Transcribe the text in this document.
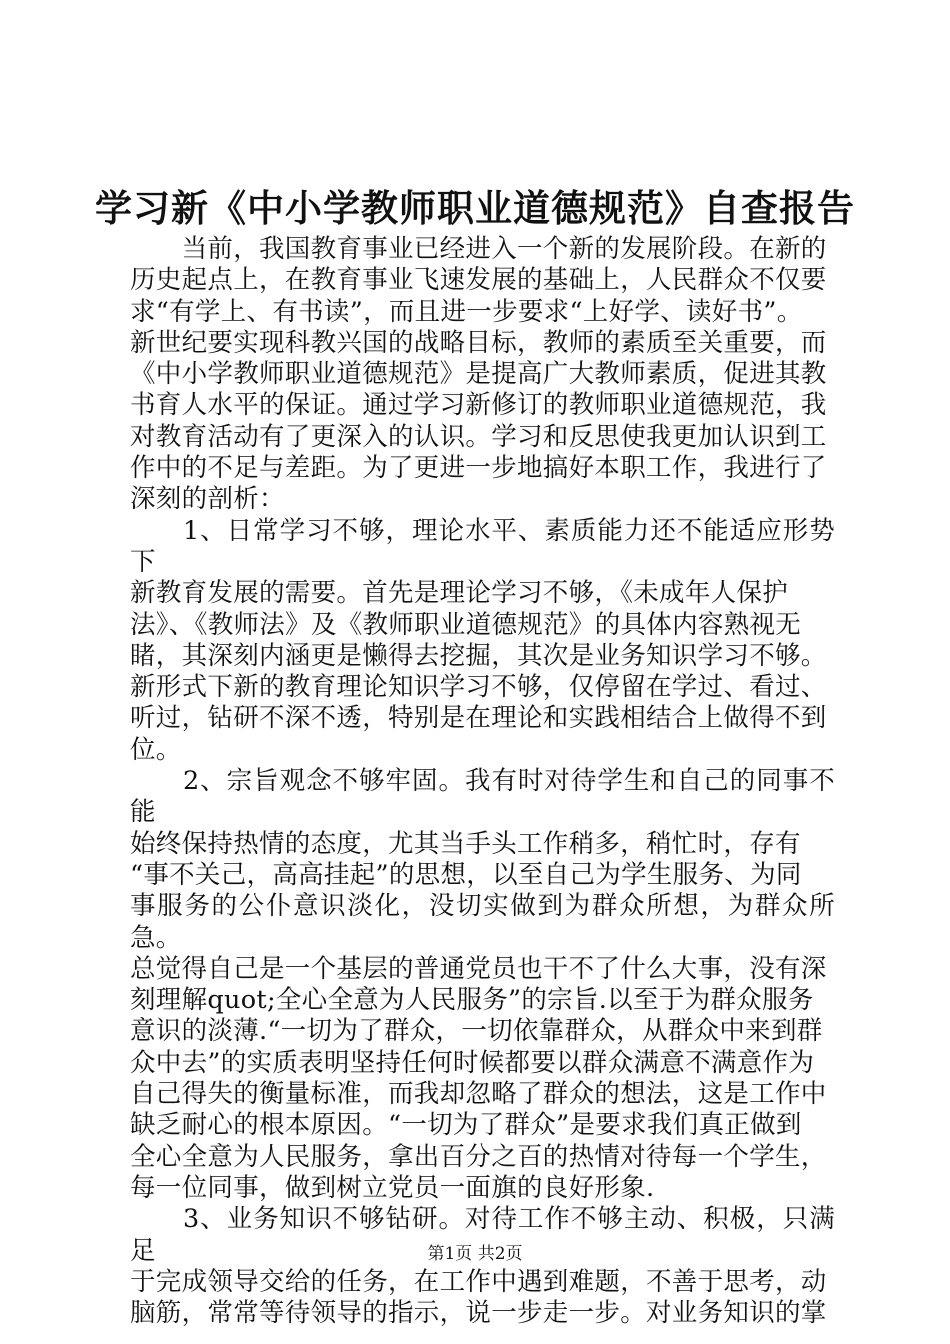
学习新《中小学教师职业道德规范》自查报告

　　当前，我国教育事业已经进入一个新的发展阶段。在新的

历史起点上，在教育事业飞速发展的基础上，人民群众不仅要

求“有学上、有书读”，而且进一步要求“上好学、读好书”。

新世纪要实现科教兴国的战略目标，教师的素质至关重要，而

《中小学教师职业道德规范》是提高广大教师素质，促进其教

书育人水平的保证。通过学习新修订的教师职业道德规范，我

对教育活动有了更深入的认识。学习和反思使我更加认识到工

作中的不足与差距。为了更进一步地搞好本职工作，我进行了

深刻的剖析：

　　1、日常学习不够，理论水平、素质能力还不能适应形势下

新教育发展的需要。首先是理论学习不够，《未成年人保护

法》、《教师法》及《教师职业道德规范》的具体内容熟视无

睹，其深刻内涵更是懒得去挖掘，其次是业务知识学习不够。

新形式下新的教育理论知识学习不够，仅停留在学过、看过、

听过，钻研不深不透，特别是在理论和实践相结合上做得不到

位。

　　2、宗旨观念不够牢固。我有时对待学生和自己的同事不能

始终保持热情的态度，尤其当手头工作稍多，稍忙时，存有

“事不关己，高高挂起”的思想，以至自己为学生服务、为同

事服务的公仆意识淡化，没切实做到为群众所想，为群众所急。

总觉得自己是一个基层的普通党员也干不了什么大事，没有深

刻理解quot;全心全意为人民服务”的宗旨.以至于为群众服务

意识的淡薄.“一切为了群众，一切依靠群众，从群众中来到群

众中去”的实质表明坚持任何时候都要以群众满意不满意作为

自己得失的衡量标准，而我却忽略了群众的想法，这是工作中

缺乏耐心的根本原因。“一切为了群众”是要求我们真正做到

全心全意为人民服务，拿出百分之百的热情对待每一个学生，

每一位同事，做到树立党员一面旗的良好形象.

　　3、业务知识不够钻研。对待工作不够主动、积极，只满足

于完成领导交给的任务，在工作中遇到难题，不善于思考，动

脑筋，常常等待领导的指示，说一步走一步。对业务知识的掌

第1页 共2页
